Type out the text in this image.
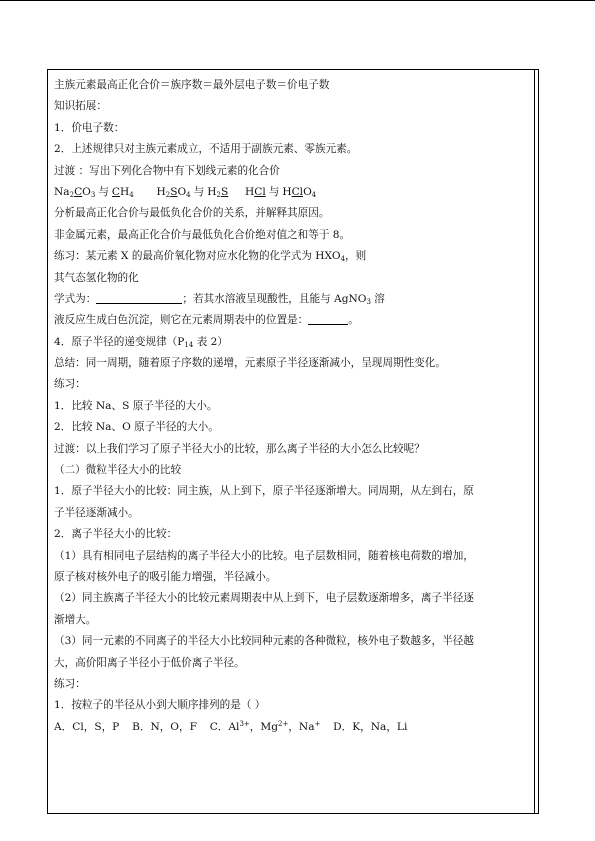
主族元素最高正化合价＝族序数＝最外层电子数＝价电子数
知识拓展：
1．价电子数：
2．上述规律只对主族元素成立，不适用于副族元素、零族元素。
过渡 ：写出下列化合物中有下划线元素的化合价
$Na_2CO_3$ 与 $CH_4$ $H_2SO_4$ 与 $H_2S$ HCl 与 HClO$_4$
分析最高正化合价与最低负化合价的关系，并解释其原因。
非金属元素，最高正化合价与最低负化合价绝对值之和等于 8。
练习：某元素 X 的最高价氧化物对应水化物的化学式为 $HXO_4$，则
其气态氢化物的化
学式为：	；若其水溶液呈现酸性，且能与 AgNO$_3$ 溶
液反应生成白色沉淀，则它在元素周期表中的位置是：	。
4．原子半径的递变规律（$P_{14}$ 表 2）
总结：同一周期，随着原子序数的递增，元素原子半径逐渐减小，呈现周期性变化。
练习：
1．比较 Na、S 原子半径的大小。
2．比较 Na、O 原子半径的大小。
过渡：以上我们学习了原子半径大小的比较，那么离子半径的大小怎么比较呢？
（二）微粒半径大小的比较
1．原子半径大小的比较：同主族，从上到下，原子半径逐渐增大。同周期，从左到右，原
子半径逐渐减小。
2．离子半径大小的比较：
（1）具有相同电子层结构的离子半径大小的比较。电子层数相同，随着核电荷数的增加，
原子核对核外电子的吸引能力增强，半径减小。
（2）同主族离子半径大小的比较元素周期表中从上到下，电子层数逐渐增多，离子半径逐
渐增大。
（3）同一元素的不同离子的半径大小比较同种元素的各种微粒，核外电子数越多，半径越
大，高价阳离子半径小于低价离子半径。
练习：
1．按粒子的半径从小到大顺序排列的是（ ）
A．Cl，S，P B．N，O，F C．$Al^{3+}$，$Mg^{2+}$，Na+ D．K，Na，Li
